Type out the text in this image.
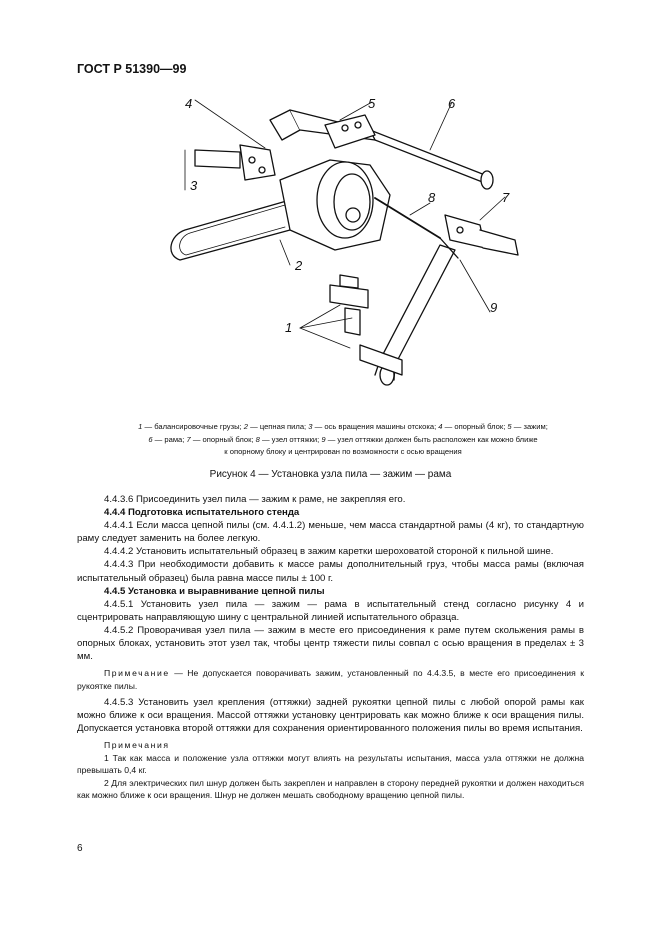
ГОСТ Р 51390—99
4	5	6
3
7
8
2
9
1
1 — балансировочные грузы; 2 — цепная пила; 3 — ось вращения машины отскока; 4 — опорный блок; 5 — зажим;
6 — рама; 7 — опорный блок; 8 — узел оттяжки; 9 — узел оттяжки должен быть расположен как можно ближе
к опорному блоку и центрирован по возможности с осью вращения
Рисунок 4 — Установка узла пила — зажим — рама

4.4.3.6 Присоединить узел пила — зажим к раме, не закрепляя его.

4.4.4 Подготовка испытательного стенда

4.4.4.1 Если масса цепной пилы (см. 4.4.1.2) меньше, чем масса стандартной рамы (4 кг), то стандартную раму следует заменить на более легкую.

4.4.4.2 Установить испытательный образец в зажим каретки шероховатой стороной к пильной шине.

4.4.4.3 При необходимости добавить к массе рамы дополнительный груз, чтобы масса рамы (включая испытательный образец) была равна массе пилы ± 100 г.

4.4.5 Установка и выравнивание цепной пилы

4.4.5.1 Установить узел пила — зажим — рама в испытательный стенд согласно рисунку 4 и сцентрировать направляющую шину с центральной линией испытательного образца.

4.4.5.2 Проворачивая узел пила — зажим в месте его присоединения к раме путем скольжения рамы в опорных блоках, установить этот узел так, чтобы центр тяжести пилы совпал с осью вращения в пределах ± 3 мм.

Примечание — Не допускается поворачивать зажим, установленный по 4.4.3.5, в месте его присоединения к рукоятке пилы.

4.4.5.3 Установить узел крепления (оттяжки) задней рукоятки цепной пилы с любой опорой рамы как можно ближе к оси вращения. Массой оттяжки установку центрировать как можно ближе к оси вращения пилы. Допускается установка второй оттяжки для сохранения ориентированного положения пилы во время испытания.

Примечания

1 Так как масса и положение узла оттяжки могут влиять на результаты испытания, масса узла оттяжки не должна превышать 0,4 кг.

2 Для электрических пил шнур должен быть закреплен и направлен в сторону передней рукоятки и должен находиться как можно ближе к оси вращения. Шнур не должен мешать свободному вращению цепной пилы.

6
